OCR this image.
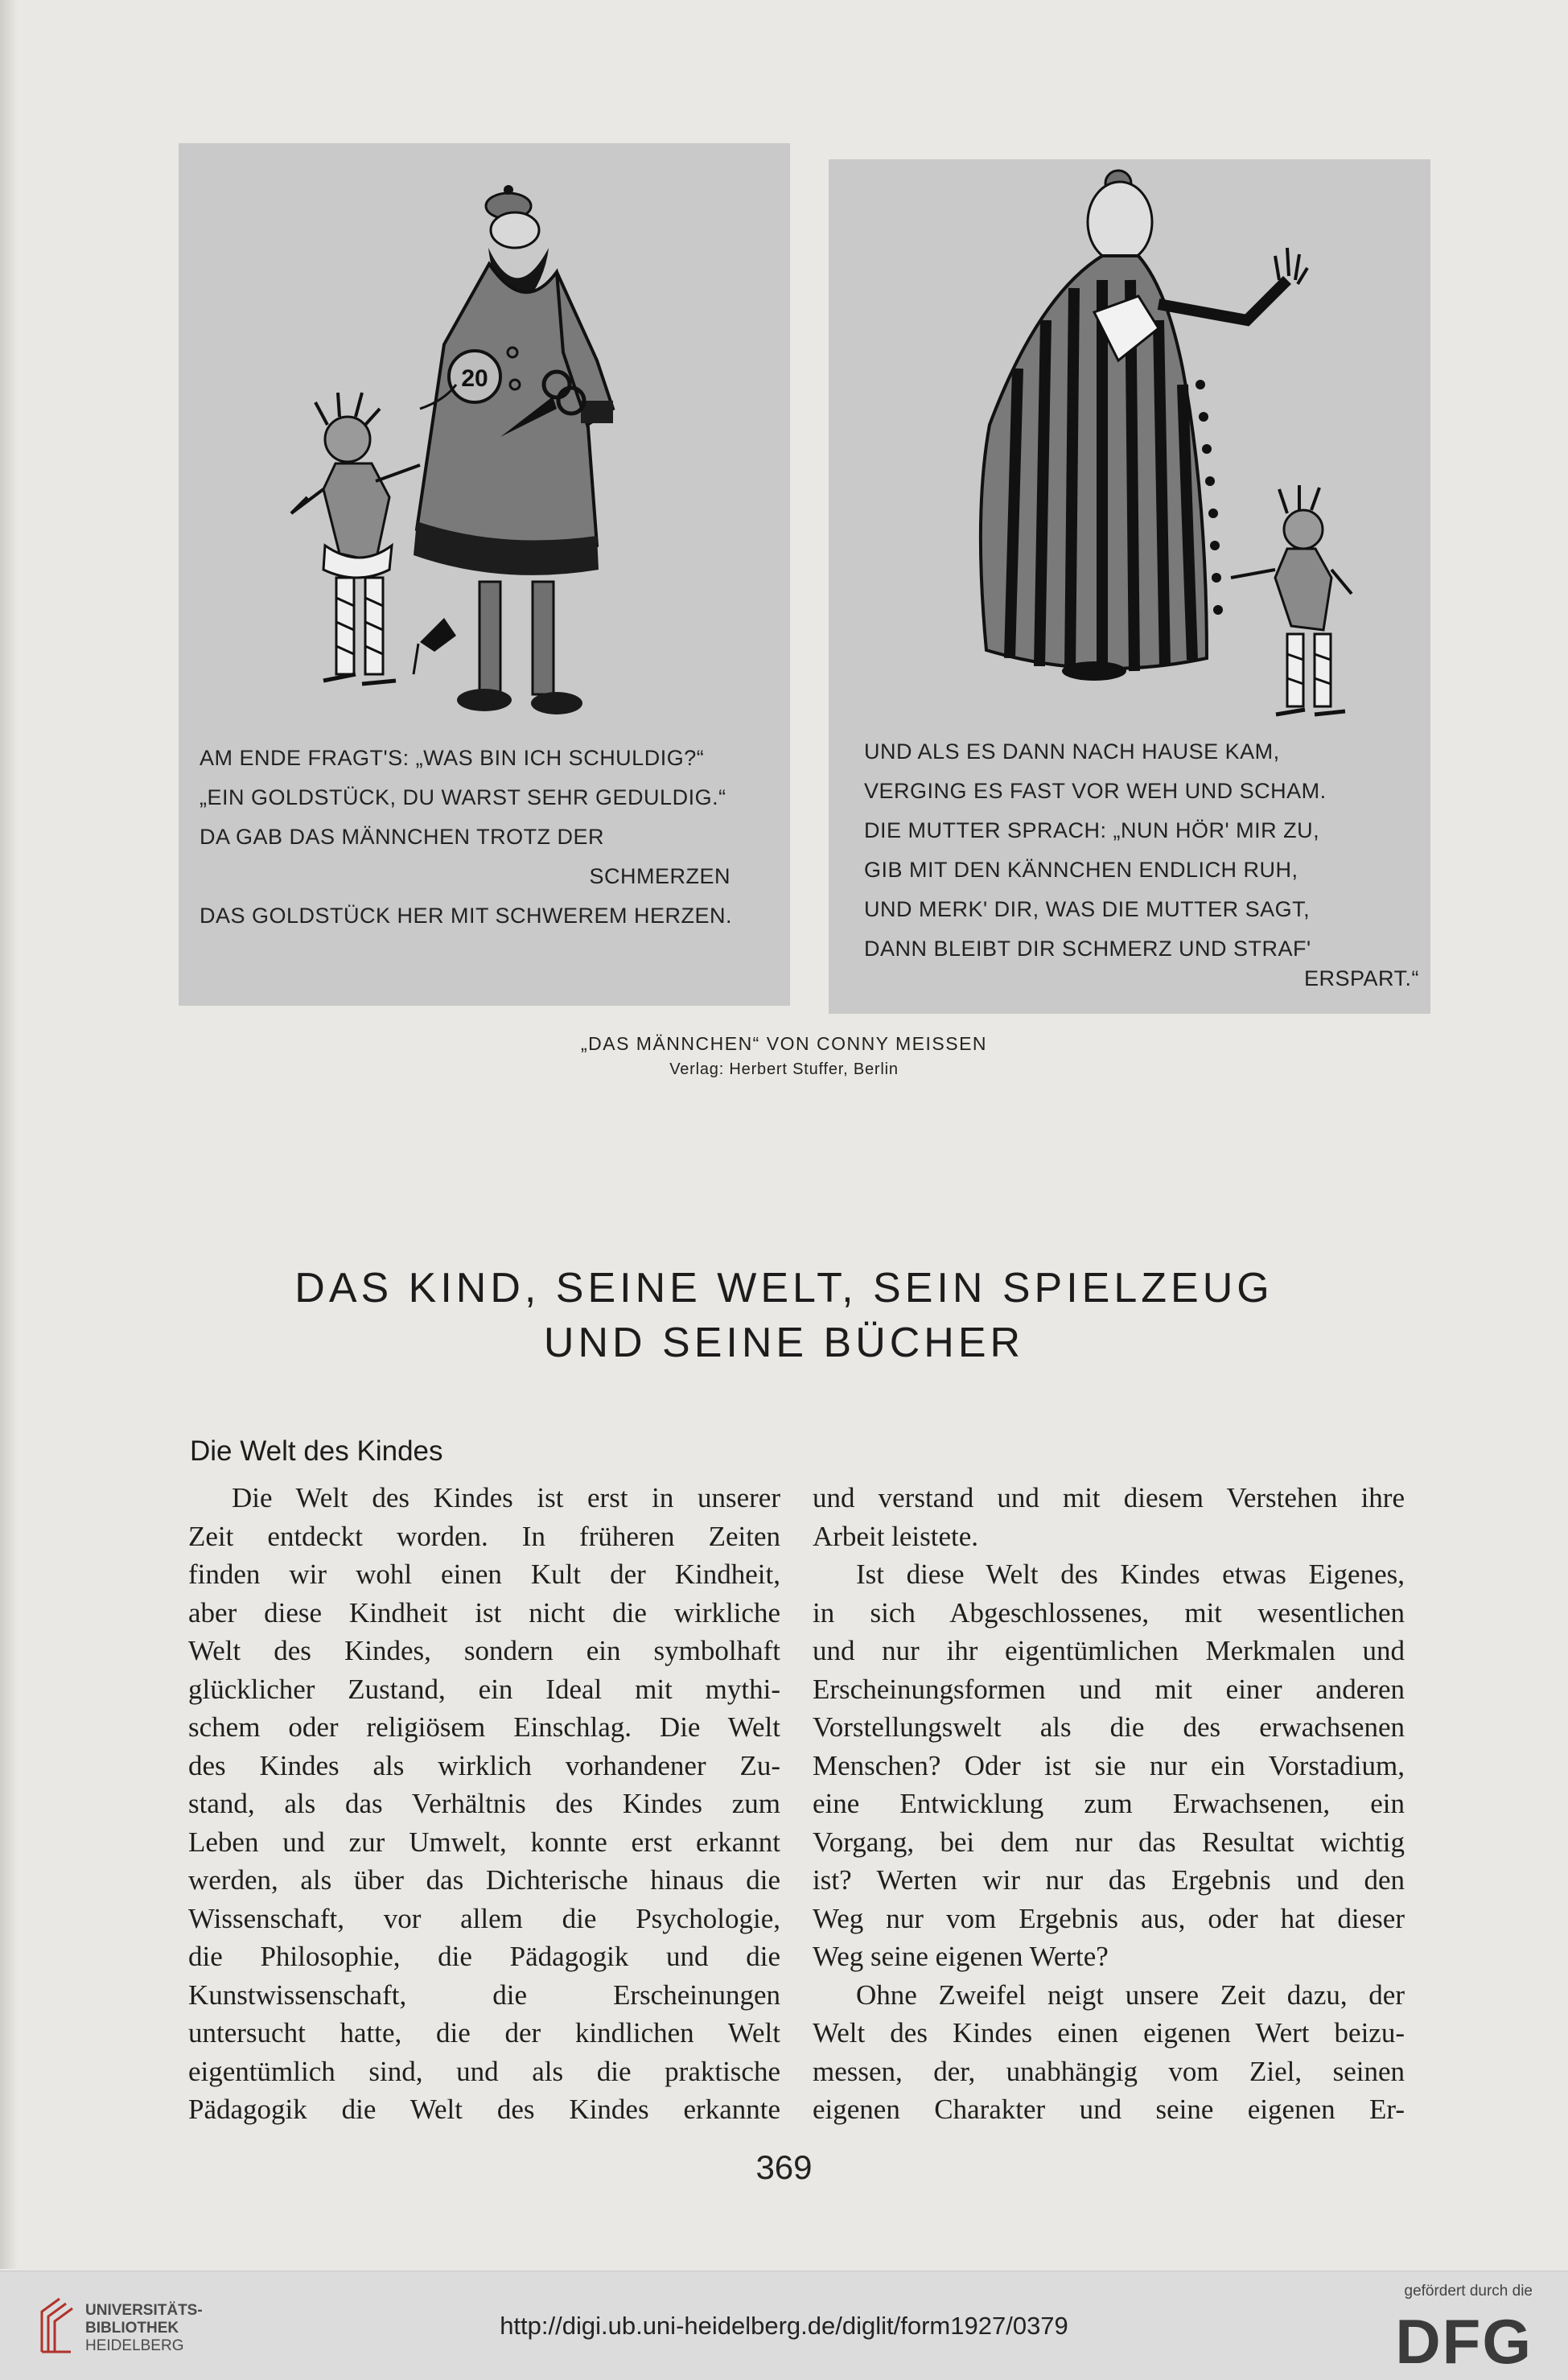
20
AM ENDE FRAGT'S: „WAS BIN ICH SCHULDIG?“
„EIN GOLDSTÜCK, DU WARST SEHR GEDULDIG.“
DA GAB DAS MÄNNCHEN TROTZ DER
SCHMERZEN
DAS GOLDSTÜCK HER MIT SCHWEREM HERZEN.
UND ALS ES DANN NACH HAUSE KAM,
VERGING ES FAST VOR WEH UND SCHAM.
DIE MUTTER SPRACH: „NUN HÖR' MIR ZU,
GIB MIT DEN KÄNNCHEN ENDLICH RUH,
UND MERK' DIR, WAS DIE MUTTER SAGT,
DANN BLEIBT DIR SCHMERZ UND STRAF'
ERSPART.“
„DAS MÄNNCHEN“ VON CONNY MEISSEN
Verlag: Herbert Stuffer, Berlin
DAS KIND, SEINE WELT, SEIN SPIELZEUG
UND SEINE BÜCHER
Die Welt des Kindes
Die Welt des Kindes ist erst in unserer
Zeit entdeckt worden. In früheren Zeiten
finden wir wohl einen Kult der Kindheit,
aber diese Kindheit ist nicht die wirkliche
Welt des Kindes, sondern ein symbolhaft
glücklicher Zustand, ein Ideal mit mythi-
schem oder religiösem Einschlag. Die Welt
des Kindes als wirklich vorhandener Zu-
stand, als das Verhältnis des Kindes zum
Leben und zur Umwelt, konnte erst erkannt
werden, als über das Dichterische hinaus die
Wissenschaft, vor allem die Psychologie,
die Philosophie, die Pädagogik und die
Kunstwissenschaft, die Erscheinungen
untersucht hatte, die der kindlichen Welt
eigentümlich sind, und als die praktische
Pädagogik die Welt des Kindes erkannte
und verstand und mit diesem Verstehen ihre
Arbeit leistete.
Ist diese Welt des Kindes etwas Eigenes,
in sich Abgeschlossenes, mit wesentlichen
und nur ihr eigentümlichen Merkmalen und
Erscheinungsformen und mit einer anderen
Vorstellungswelt als die des erwachsenen
Menschen? Oder ist sie nur ein Vorstadium,
eine Entwicklung zum Erwachsenen, ein
Vorgang, bei dem nur das Resultat wichtig
ist? Werten wir nur das Ergebnis und den
Weg nur vom Ergebnis aus, oder hat dieser
Weg seine eigenen Werte?
Ohne Zweifel neigt unsere Zeit dazu, der
Welt des Kindes einen eigenen Wert beizu-
messen, der, unabhängig vom Ziel, seinen
eigenen Charakter und seine eigenen Er-
369
UNIVERSITÄTS-
BIBLIOTHEK
HEIDELBERG
http://digi.ub.uni-heidelberg.de/diglit/form1927/0379
gefördert durch die
DFG
